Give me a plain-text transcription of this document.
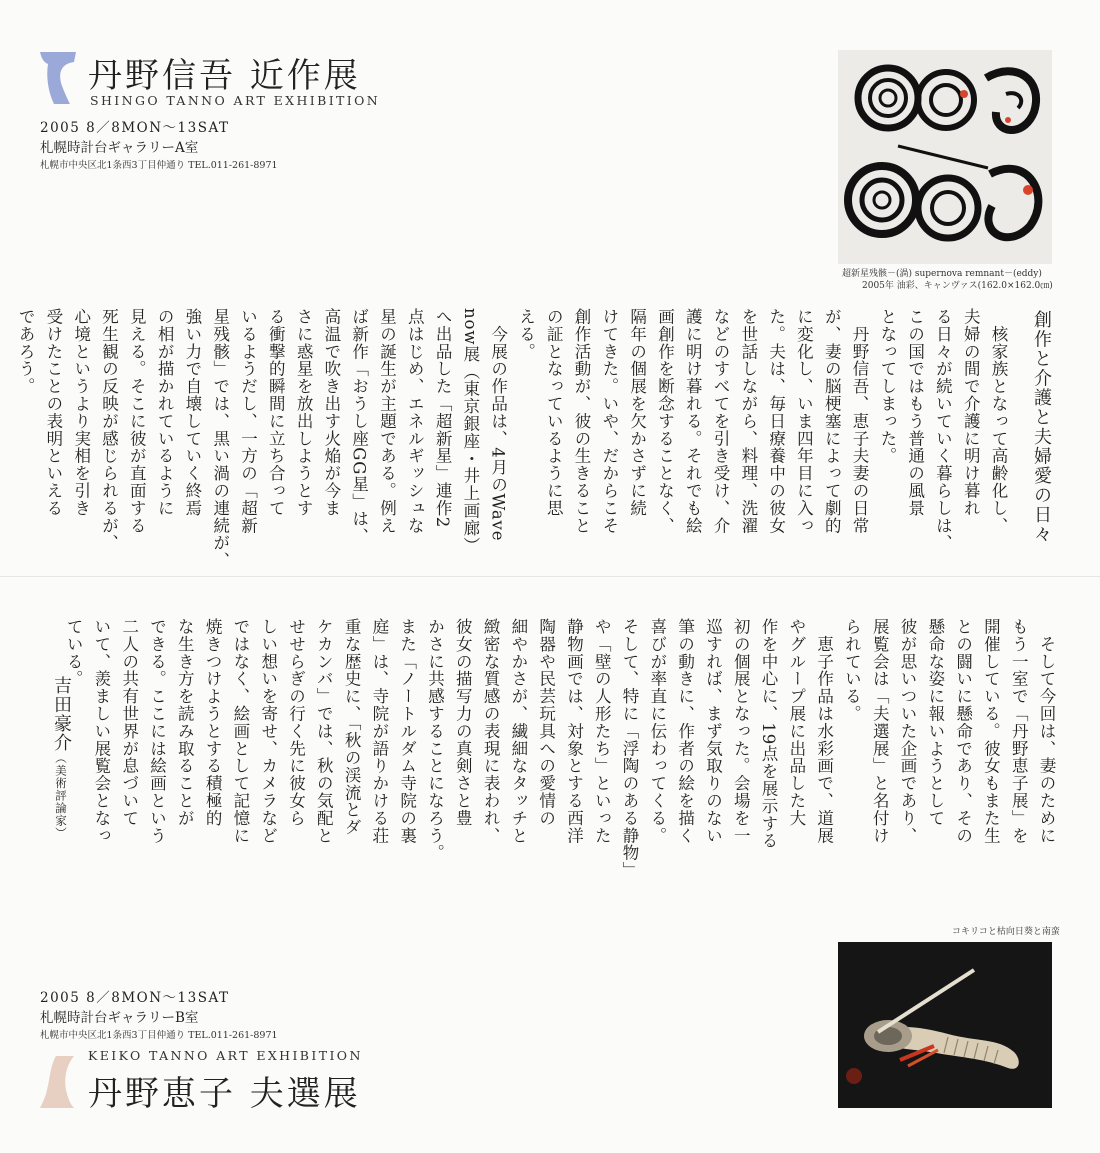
丹野信吾 近作展
SHINGO TANNO ART EXHIBITION
2005 8／8MON～13SAT
札幌時計台ギャラリーA室
札幌市中央区北1条西3丁目仲通り TEL.011-261-8971
超新星残骸－(渦) supernova remnant－(eddy)
2005年 油彩、キャンヴァス(162.0×162.0㎝)
創作と介護と夫婦愛の日々
　核家族となって高齢化し、
夫婦の間で介護に明け暮れ
る日々が続いていく暮らしは、
この国ではもう普通の風景
となってしまった。
　丹野信吾、恵子夫妻の日常
が、妻の脳梗塞によって劇的
に変化し、いま四年目に入っ
た。夫は、毎日療養中の彼女
を世話しながら、料理、洗濯
などのすべてを引き受け、介
護に明け暮れる。それでも絵
画創作を断念することなく、
隔年の個展を欠かさずに続
けてきた。いや、だからこそ
創作活動が、彼の生きること
の証となっているように思
える。
　今展の作品は、4月のWave
now展（東京銀座・井上画廊）
へ出品した「超新星」連作2
点はじめ、エネルギッシュな
星の誕生が主題である。例え
ば新作「おうし座GG星」は、
高温で吹き出す火焔が今ま
さに惑星を放出しようとす
る衝撃的瞬間に立ち合って
いるようだし、一方の「超新
星残骸」では、黒い渦の連続が、
強い力で自壊していく終焉
の相が描かれているように
見える。そこに彼が直面する
死生観の反映が感じられるが、
心境というより実相を引き
受けたことの表明といえる
であろう。
　そして今回は、妻のために
もう一室で「丹野恵子展」を
開催している。彼女もまた生
との闘いに懸命であり、その
懸命な姿に報いようとして
彼が思いついた企画であり、
展覧会は「夫選展」と名付け
られている。
　恵子作品は水彩画で、道展
やグループ展に出品した大
作を中心に、19点を展示する
初の個展となった。会場を一
巡すれば、まず気取りのない
筆の動きに、作者の絵を描く
喜びが率直に伝わってくる。
そして、特に「浮陶のある静物」
や「壁の人形たち」といった
静物画では、対象とする西洋
陶器や民芸玩具への愛情の
細やかさが、繊細なタッチと
緻密な質感の表現に表われ、
彼女の描写力の真剣さと豊
かさに共感することになろう。
また「ノートルダム寺院の裏
庭」は、寺院が語りかける荘
重な歴史に、「秋の渓流とダ
ケカンバ」では、秋の気配と
せせらぎの行く先に彼女ら
しい想いを寄せ、カメラなど
ではなく、絵画として記憶に
焼きつけようとする積極的
な生き方を読み取ることが
できる。ここには絵画という
二人の共有世界が息づいて
いて、羨ましい展覧会となっ
ている。
吉田豪介（美術評論家）
2005 8／8MON～13SAT
札幌時計台ギャラリーB室
札幌市中央区北1条西3丁目仲通り TEL.011-261-8971
KEIKO TANNO ART EXHIBITION
丹野恵子 夫選展
コキリコと枯向日葵と南蛮
